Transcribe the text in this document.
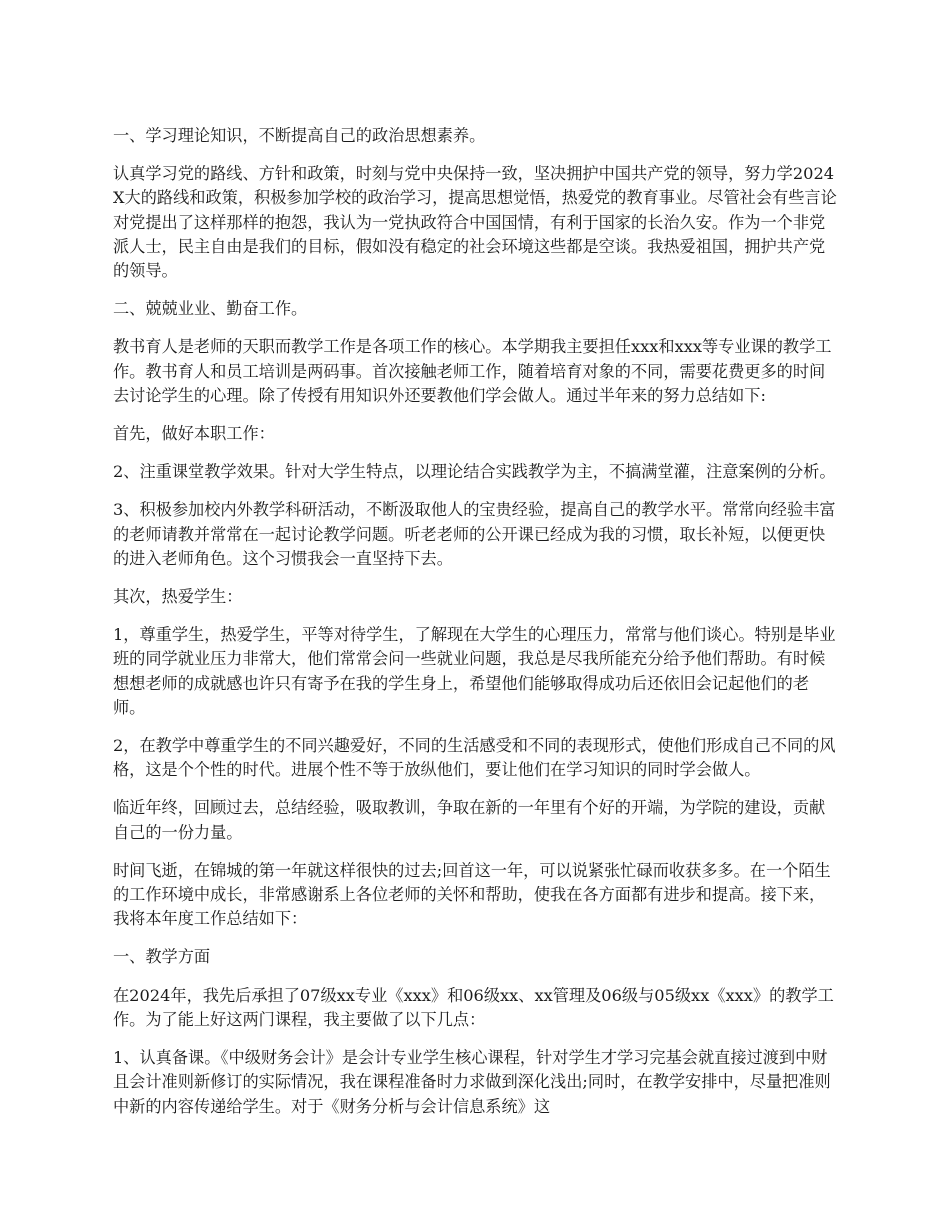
一、学习理论知识，不断提高自己的政治思想素养。

认真学习党的路线、方针和政策，时刻与党中央保持一致，坚决拥护中国共产党的领导，努力学2024X大的路线和政策，积极参加学校的政治学习，提高思想觉悟，热爱党的教育事业。尽管社会有些言论对党提出了这样那样的抱怨，我认为一党执政符合中国国情，有利于国家的长治久安。作为一个非党派人士，民主自由是我们的目标，假如没有稳定的社会环境这些都是空谈。我热爱祖国，拥护共产党的领导。

二、兢兢业业、勤奋工作。

教书育人是老师的天职而教学工作是各项工作的核心。本学期我主要担任xxx和xxx等专业课的教学工作。教书育人和员工培训是两码事。首次接触老师工作，随着培育对象的不同，需要花费更多的时间去讨论学生的心理。除了传授有用知识外还要教他们学会做人。通过半年来的努力总结如下:

首先，做好本职工作：

2、注重课堂教学效果。针对大学生特点，以理论结合实践教学为主，不搞满堂灌，注意案例的分析。

3、积极参加校内外教学科研活动，不断汲取他人的宝贵经验，提高自己的教学水平。常常向经验丰富的老师请教并常常在一起讨论教学问题。听老老师的公开课已经成为我的习惯，取长补短，以便更快的进入老师角色。这个习惯我会一直坚持下去。

其次，热爱学生：

1，尊重学生，热爱学生，平等对待学生，了解现在大学生的心理压力，常常与他们谈心。特别是毕业班的同学就业压力非常大，他们常常会问一些就业问题，我总是尽我所能充分给予他们帮助。有时候想想老师的成就感也许只有寄予在我的学生身上，希望他们能够取得成功后还依旧会记起他们的老师。

2，在教学中尊重学生的不同兴趣爱好，不同的生活感受和不同的表现形式，使他们形成自己不同的风格，这是个个性的时代。进展个性不等于放纵他们，要让他们在学习知识的同时学会做人。

临近年终，回顾过去，总结经验，吸取教训，争取在新的一年里有个好的开端，为学院的建设，贡献自己的一份力量。

时间飞逝，在锦城的第一年就这样很快的过去;回首这一年，可以说紧张忙碌而收获多多。在一个陌生的工作环境中成长，非常感谢系上各位老师的关怀和帮助，使我在各方面都有进步和提高。接下来，我将本年度工作总结如下：

一、教学方面

在2024年，我先后承担了07级xx专业《xxx》和06级xx、xx管理及06级与05级xx《xxx》的教学工作。为了能上好这两门课程，我主要做了以下几点：

1、认真备课。《中级财务会计》是会计专业学生核心课程，针对学生才学习完基会就直接过渡到中财且会计准则新修订的实际情况，我在课程准备时力求做到深化浅出;同时，在教学安排中，尽量把准则中新的内容传递给学生。对于《财务分析与会计信息系统》这
